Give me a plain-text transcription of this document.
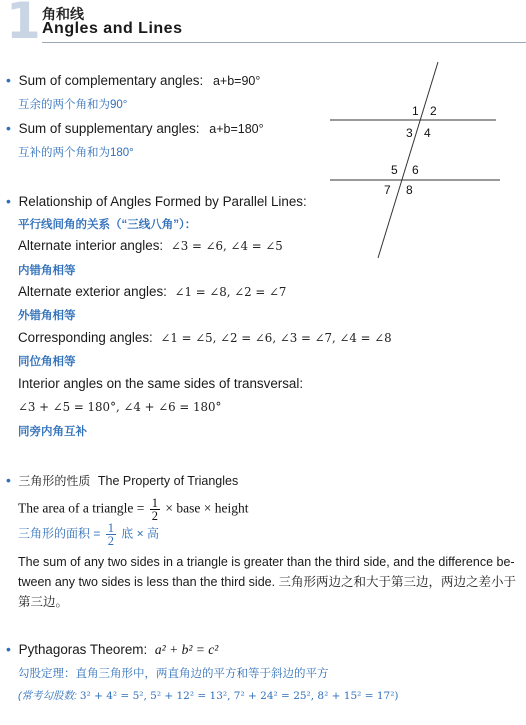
1 角和线
Angles and Lines
• Sum of complementary angles: a+b=90°
互余的两个角和为90°
• Sum of supplementary angles: a+b=180°
互补的两个角和为180°
1 2
3 4
5 6
7 8
• Relationship of Angles Formed by Parallel Lines:
平行线间角的关系（“三线八角”）：
Alternate interior angles: ∠3 = ∠6, ∠4 = ∠5
内错角相等
Alternate exterior angles: ∠1 = ∠8, ∠2 = ∠7
外错角相等
Corresponding angles: ∠1 = ∠5, ∠2 = ∠6, ∠3 = ∠7, ∠4 = ∠8
同位角相等
Interior angles on the same sides of transversal:
∠3 + ∠5 = 180°, ∠4 + ∠6 = 180°
同旁内角互补
• 三角形的性质 The Property of Triangles
The area of a triangle = $\frac{1}{2}$ × base × height
三角形的面积 = $\frac{1}{2}$ 底 × 高
The sum of any two sides in a triangle is greater than the third side, and the difference be- tween any two sides is less than the third side. 三角形两边之和大于第三边，两边之差小于第三边。
• Pythagoras Theorem: a² + b² = c²
勾股定理：直角三角形中，两直角边的平方和等于斜边的平方
(常考勾股数: 3² + 4² = 5², 5² + 12² = 13², 7² + 24² = 25², 8² + 15² = 17²)
